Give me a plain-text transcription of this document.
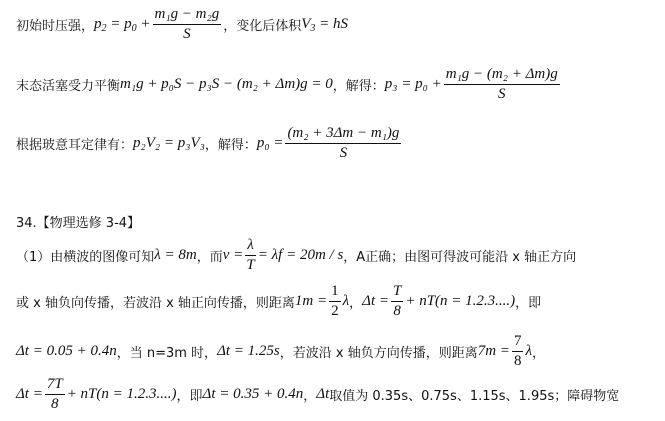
初始时压强， $p_2 = p_0 + \frac{\text{m₁g − m₂g}}{S}$ ，变化后体积 $V_3$ = hS
末态活塞受力平衡 m₁g + p₀S − p₃S − (m₂ + Δm)g = 0 ，解得： $p_3 = p_0 + \frac{\text{m₁g − (m₂ + Δm)g}}{S}$
根据玻意耳定律有： p₂V₂ = p₃V₃ ，解得： $p_0 = \frac{\text{(m₂ + 3Δm − m₁)g}}{S}$
34.【物理选修 3-4】
（1）由横波的图像可知 λ = 8m ，而 $v = \frac{\lambda}{T} = \lambda f = 20m / s$ ，A正确；由图可得波可能沿 x 轴正方向
或 x 轴负向传播，若波沿 x 轴正向传播，则距离 $1m = \frac{1}{2}$ λ ， $\Delta t = \frac{T}{8} + nT(n = 1.2.3....)$ ，即
Δt = 0.05 + 0.4n ，当 n=3m 时， Δt = 1.25s ，若波沿 x 轴负方向传播，则距离 $7m = \frac{7}{8}$ λ ，
$\Delta t = \frac{7T}{8} + nT(n = 1.2.3....)$ ，即 Δt = 0.35 + 0.4n ， Δt 取值为 0.35s、0.75s、1.15s、1.95s；障碍物宽
